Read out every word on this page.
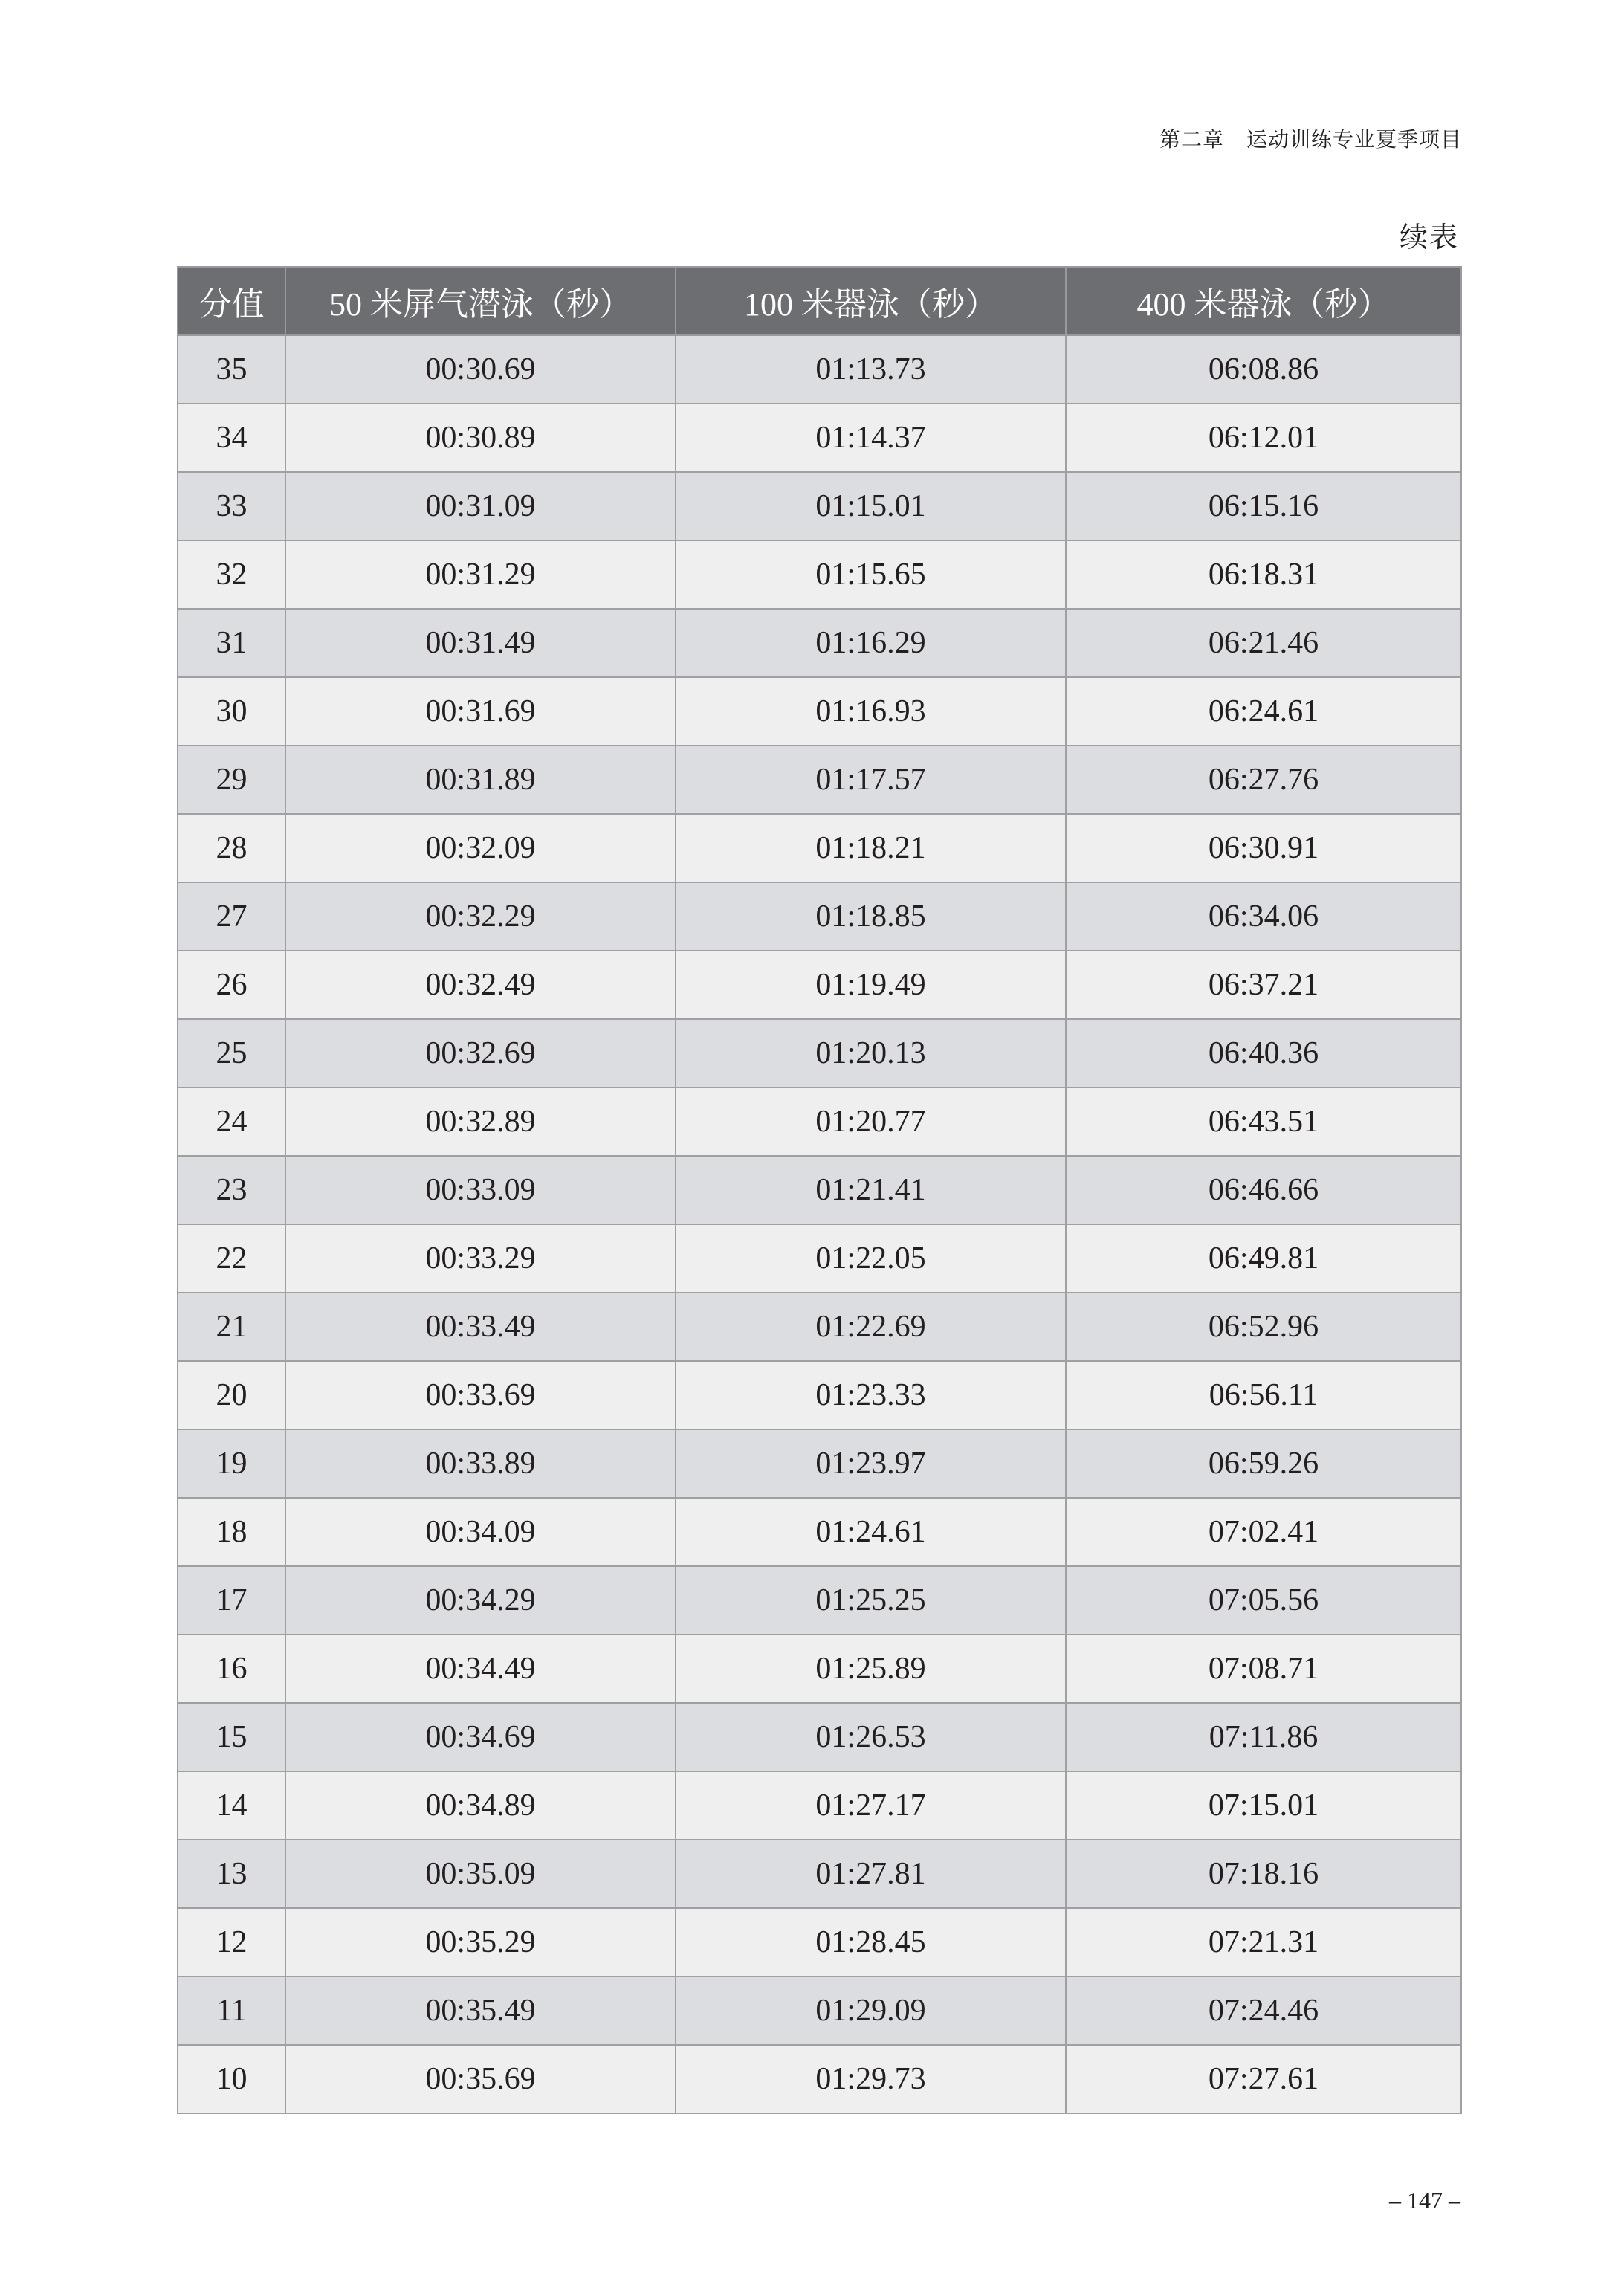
第二章 运动训练专业夏季项目
续表
分值	50 米屏气潜泳（秒）	100 米器泳（秒）	400 米器泳（秒）
35	00:30.69	01:13.73	06:08.86
34	00:30.89	01:14.37	06:12.01
33	00:31.09	01:15.01	06:15.16
32	00:31.29	01:15.65	06:18.31
31	00:31.49	01:16.29	06:21.46
30	00:31.69	01:16.93	06:24.61
29	00:31.89	01:17.57	06:27.76
28	00:32.09	01:18.21	06:30.91
27	00:32.29	01:18.85	06:34.06
26	00:32.49	01:19.49	06:37.21
25	00:32.69	01:20.13	06:40.36
24	00:32.89	01:20.77	06:43.51
23	00:33.09	01:21.41	06:46.66
22	00:33.29	01:22.05	06:49.81
21	00:33.49	01:22.69	06:52.96
20	00:33.69	01:23.33	06:56.11
19	00:33.89	01:23.97	06:59.26
18	00:34.09	01:24.61	07:02.41
17	00:34.29	01:25.25	07:05.56
16	00:34.49	01:25.89	07:08.71
15	00:34.69	01:26.53	07:11.86
14	00:34.89	01:27.17	07:15.01
13	00:35.09	01:27.81	07:18.16
12	00:35.29	01:28.45	07:21.31
11	00:35.49	01:29.09	07:24.46
10	00:35.69	01:29.73	07:27.61
– 147 –
